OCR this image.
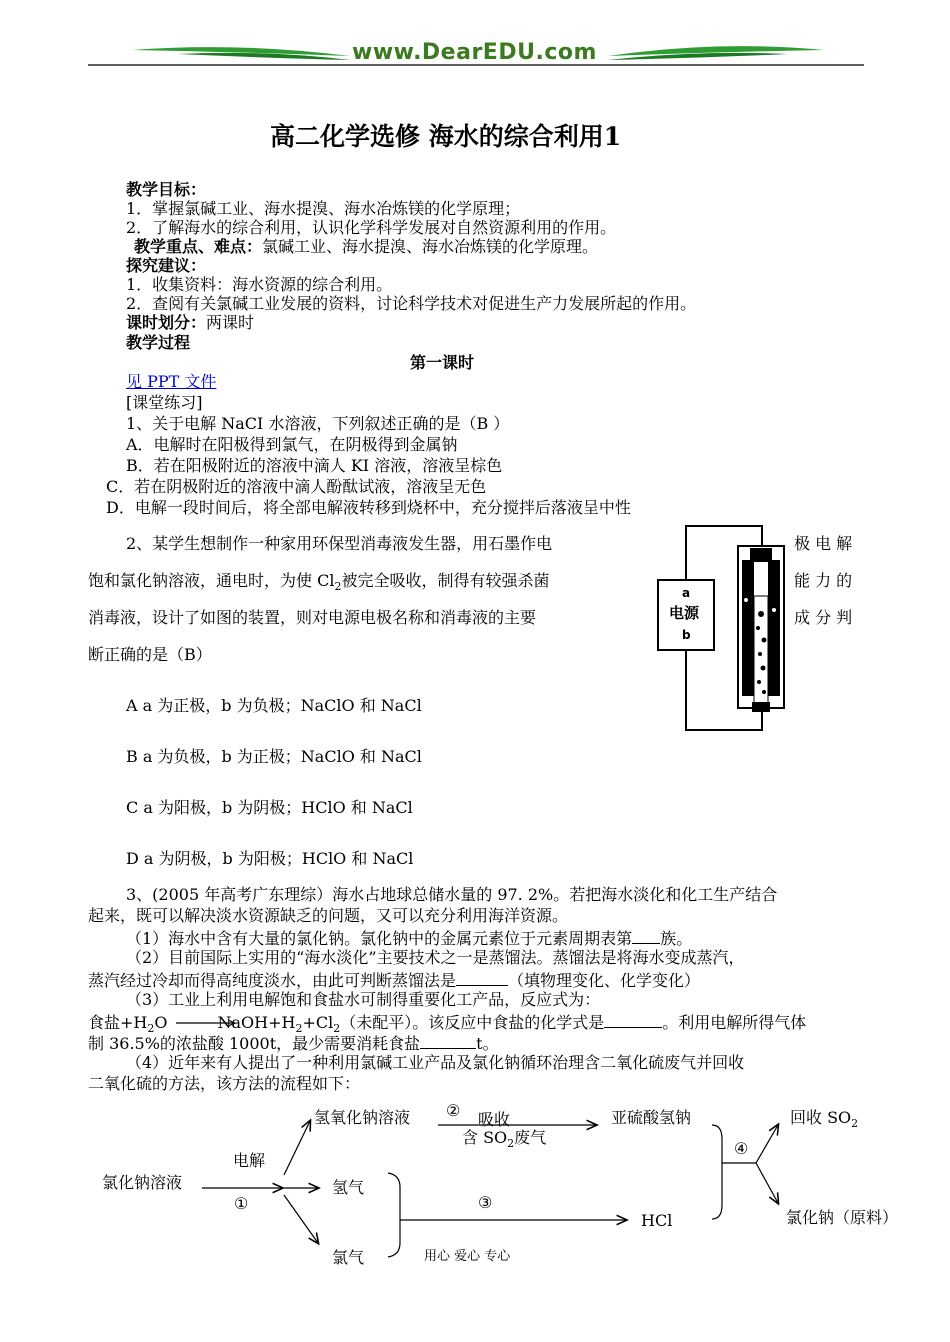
www.DearEDU.com
高二化学选修 海水的综合利用1
教学目标：
1．掌握氯碱工业、海水提溴、海水冶炼镁的化学原理；
2．了解海水的综合利用，认识化学科学发展对自然资源利用的作用。
教学重点、难点：氯碱工业、海水提溴、海水冶炼镁的化学原理。
探究建议：
1．收集资料：海水资源的综合利用。
2．查阅有关氯碱工业发展的资料，讨论科学技术对促进生产力发展所起的作用。
课时划分：两课时
教学过程
第一课时
见 PPT 文件
[课堂练习]
1、关于电解 NaCI 水溶液，下列叙述正确的是（B ）
A．电解时在阳极得到氯气，在阴极得到金属钠
B．若在阳极附近的溶液中滴人 KI 溶液，溶液呈棕色
C．若在阴极附近的溶液中滴人酚酞试液，溶液呈无色
D．电解一段时间后，将全部电解液转移到烧杯中，充分搅拌后落液呈中性
2、某学生想制作一种家用环保型消毒液发生器，用石墨作电	极 电 解
饱和氯化钠溶液，通电时，为使 $Cl_2$被完全吸收，制得有较强杀菌	能 力 的
消毒液，设计了如图的装置，则对电源电极名称和消毒液的主要	成 分 判
断正确的是（B）
a
电源
b
A a 为正极，b 为负极；NaClO 和 NaCl
B a 为负极，b 为正极；NaClO 和 NaCl
C a 为阳极，b 为阴极；HClO 和 NaCl
D a 为阴极，b 为阳极；HClO 和 NaCl
3、(2005 年高考广东理综）海水占地球总储水量的 97. 2%。若把海水淡化和化工生产结合
起来，既可以解决淡水资源缺乏的问题，又可以充分利用海洋资源。
（1）海水中含有大量的氯化钠。氯化钠中的金属元素位于元素周期表第 族。
（2）目前国际上实用的“海水淡化”主要技术之一是蒸馏法。蒸馏法是将海水变成蒸汽，
蒸汽经过冷却而得高纯度淡水，由此可判断蒸馏法是	（填物理变化、化学变化）
（3）工业上利用电解饱和食盐水可制得重要化工产品，反应式为：
食盐$+H_2O$	$NaOH+H_2+Cl_2$（未配平）。该反应中食盐的化学式是	。利用电解所得气体
制 36.5%的浓盐酸 1000t，最少需要消耗食盐	t。
（4）近年来有人提出了一种利用氯碱工业产品及氯化钠循环治理含二氧化硫废气并回收
二氧化硫的方法，该方法的流程如下：
氯化钠溶液
电解
①
氢氧化钠溶液 ② 吸收
含 $SO_2$废气
亚硫酸氢钠
④
回收 $SO_2$
氢气
③
HCl
氯气
氯化钠（原料）
用心 爱心 专心
